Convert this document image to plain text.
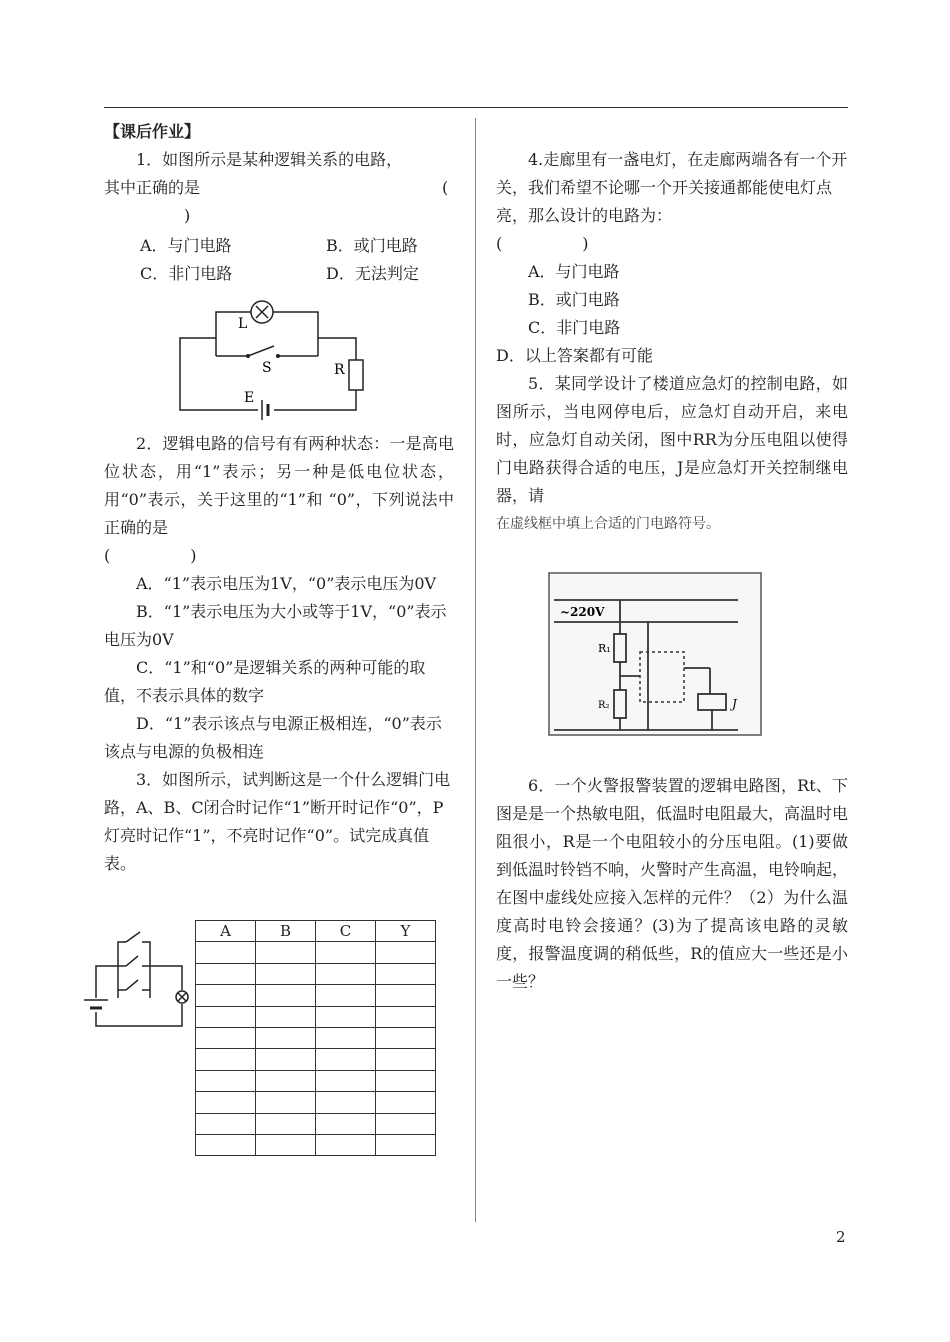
【课后作业】

1．如图所示是某种逻辑关系的电路，

其中正确的是	(
)
A．与门电路	B．或门电路
C．非门电路	D．无法判定
L
S	R
E

2．逻辑电路的信号有有两种状态：一是高电位状态，用“1”表示；另一种是低电位状态，用“0”表示，关于这里的“1”和 “0”，下列说法中正确的是

(　　　　　)

A．“1”表示电压为1V，“0”表示电压为0V

B．“1”表示电压为大小或等于1V，“0”表示电压为0V

C．“1”和“0”是逻辑关系的两种可能的取值，不表示具体的数字

D．“1”表示该点与电源正极相连，“0”表示该点与电源的负极相连

3．如图所示，试判断这是一个什么逻辑门电路，A、B、C闭合时记作“1”断开时记作“0”，P灯亮时记作“1”，不亮时记作“0”。试完成真值表。

A	B	C	Y

4.走廊里有一盏电灯，在走廊两端各有一个开关，我们希望不论哪一个开关接通都能使电灯点亮，那么设计的电路为：

(　　　　　)

A．与门电路

B．或门电路

C．非门电路

D．以上答案都有可能

5．某同学设计了楼道应急灯的控制电路，如图所示，当电网停电后，应急灯自动开启，来电时，应急灯自动关闭，图中RR为分压电阻以使得门电路获得合适的电压，J是应急灯开关控制继电器，请

在虚线框中填上合适的门电路符号。

~220V
R₁
R₂	J

6．一个火警报警装置的逻辑电路图，Rt、下图是是一个热敏电阻，低温时电阻最大，高温时电阻很小，R是一个电阻较小的分压电阻。(1)要做到低温时铃铛不响，火警时产生高温，电铃响起，在图中虚线处应接入怎样的元件？（2）为什么温度高时电铃会接通？(3)为了提高该电路的灵敏度，报警温度调的稍低些，R的值应大一些还是小一些？

2
